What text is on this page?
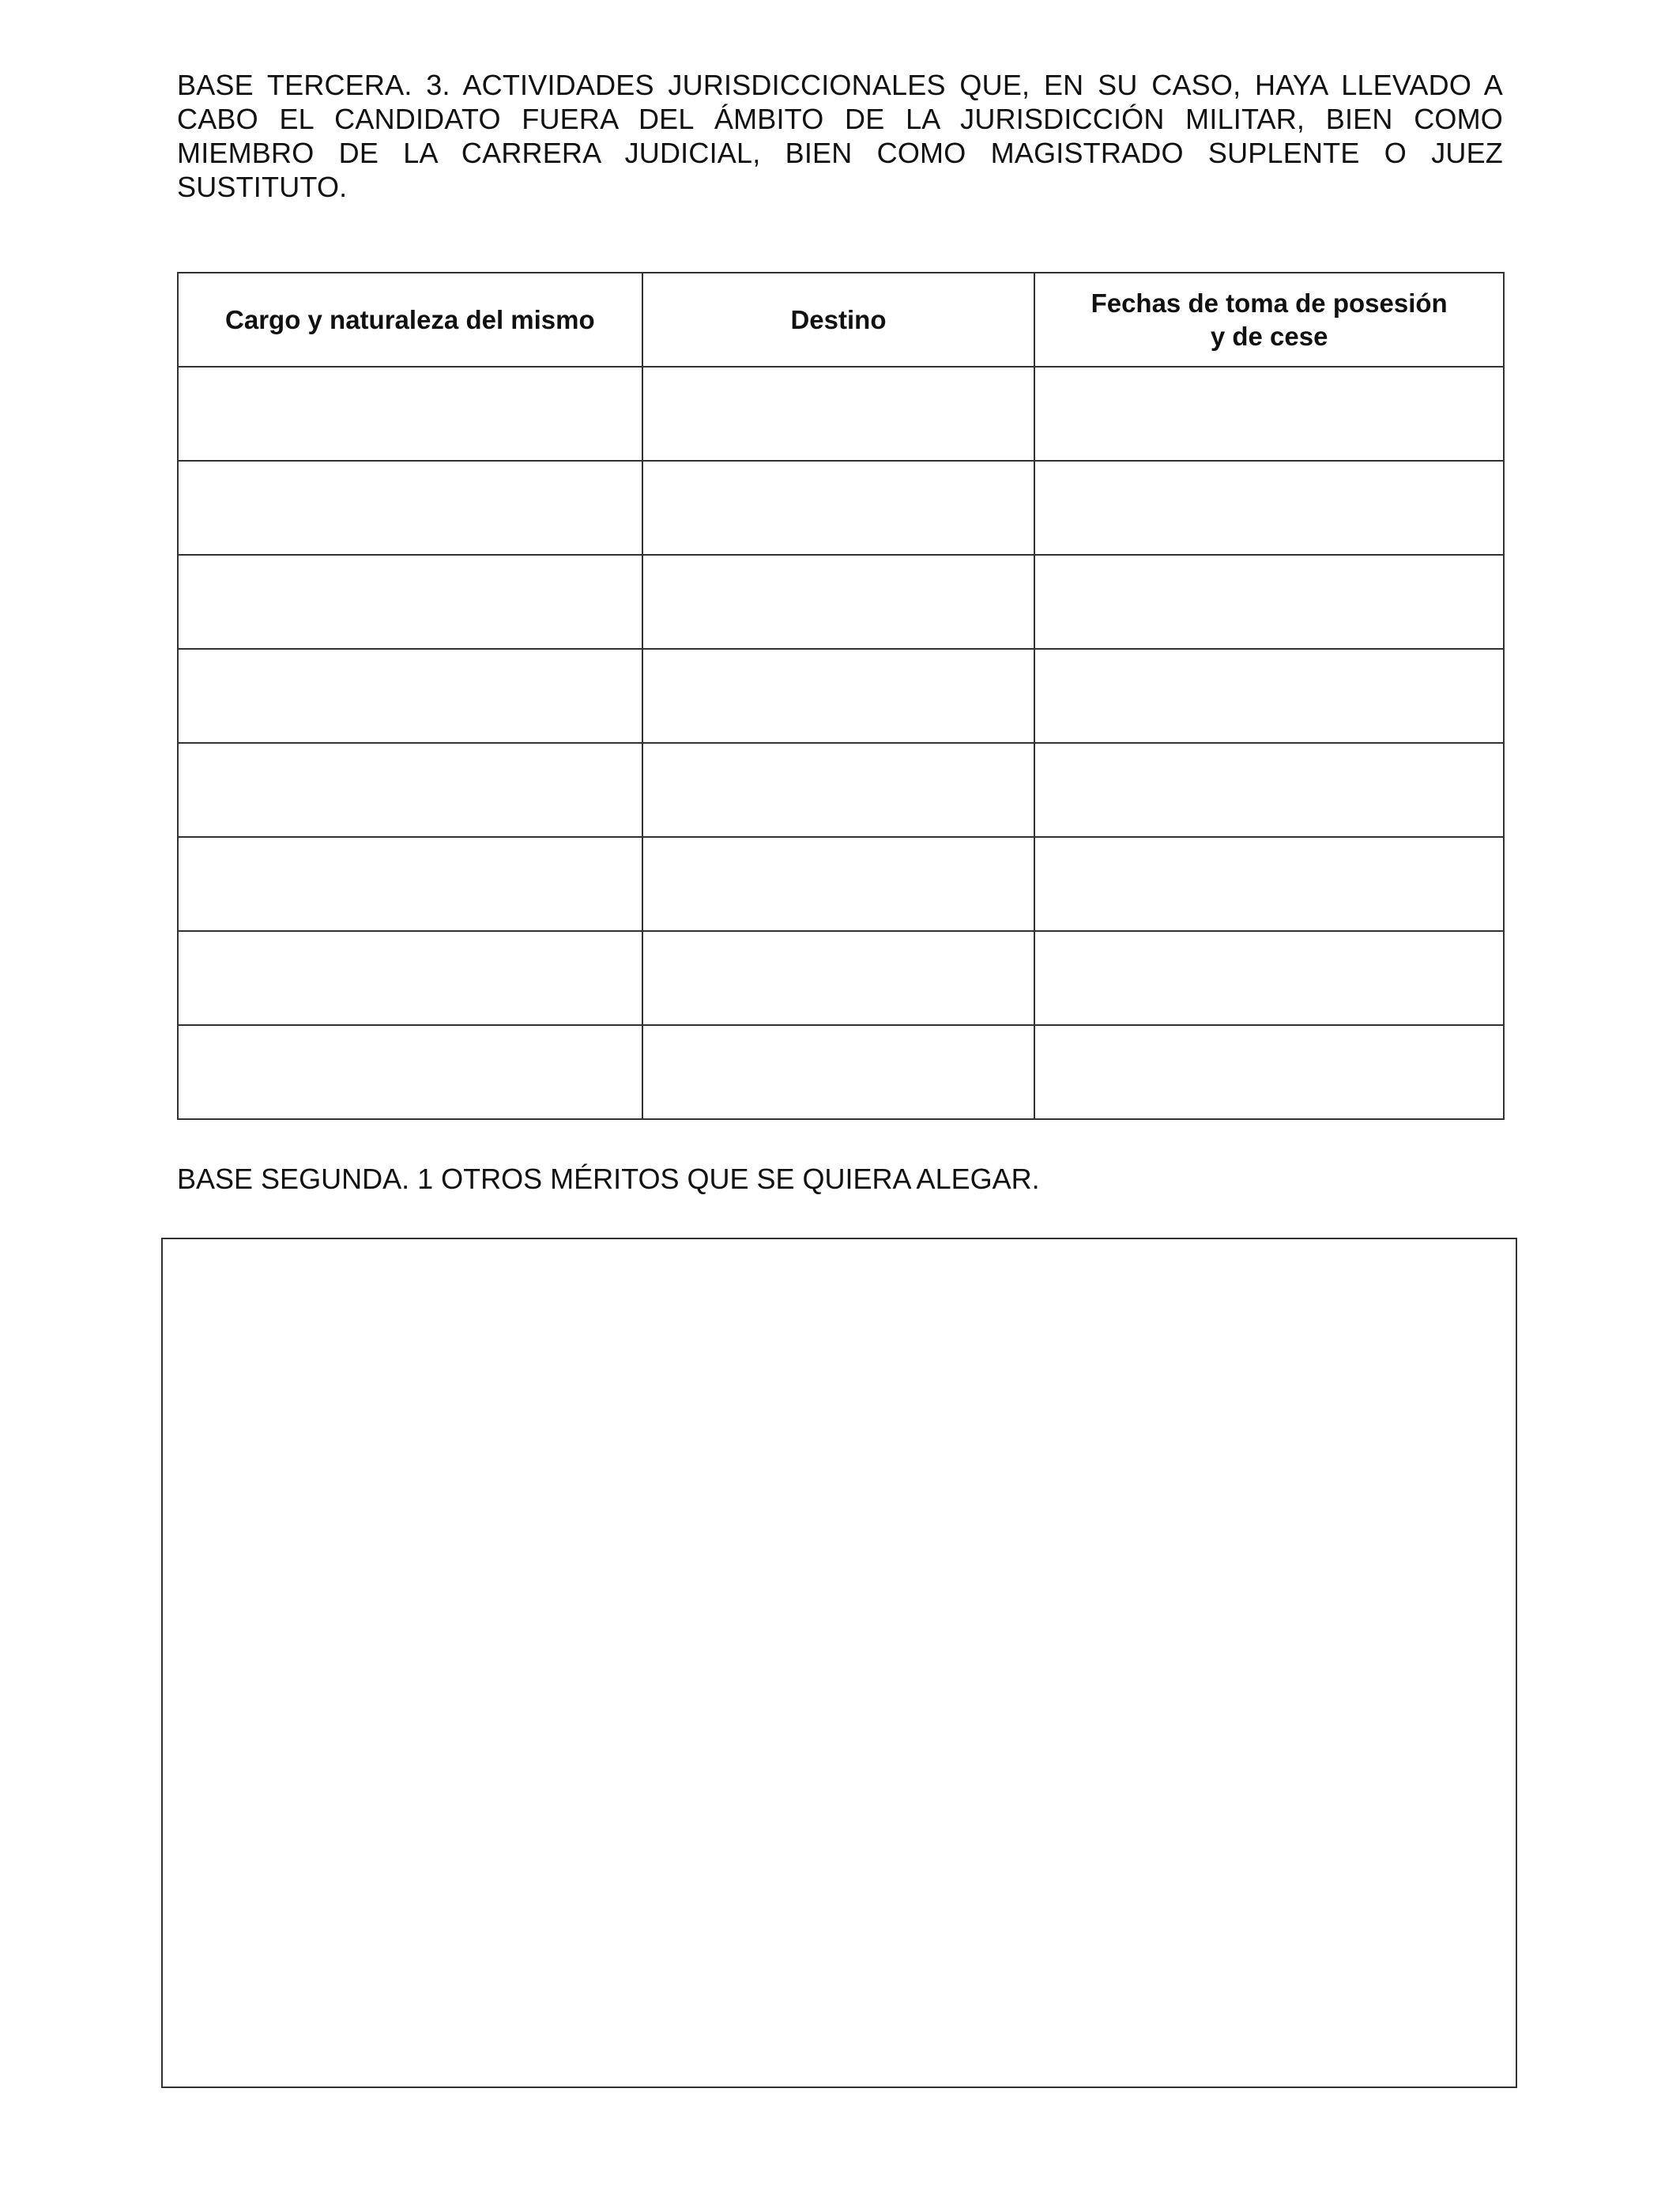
BASE TERCERA. 3. ACTIVIDADES JURISDICCIONALES QUE, EN SU CASO, HAYA LLEVADO A CABO EL CANDIDATO FUERA DEL ÁMBITO DE LA JURISDICCIÓN MILITAR, BIEN COMO MIEMBRO DE LA CARRERA JUDICIAL, BIEN COMO MAGISTRADO SUPLENTE O JUEZ SUSTITUTO.

Cargo y naturaleza del mismo	Destino	Fechas de toma de posesión
y de cese

BASE SEGUNDA. 1 OTROS MÉRITOS QUE SE QUIERA ALEGAR.
